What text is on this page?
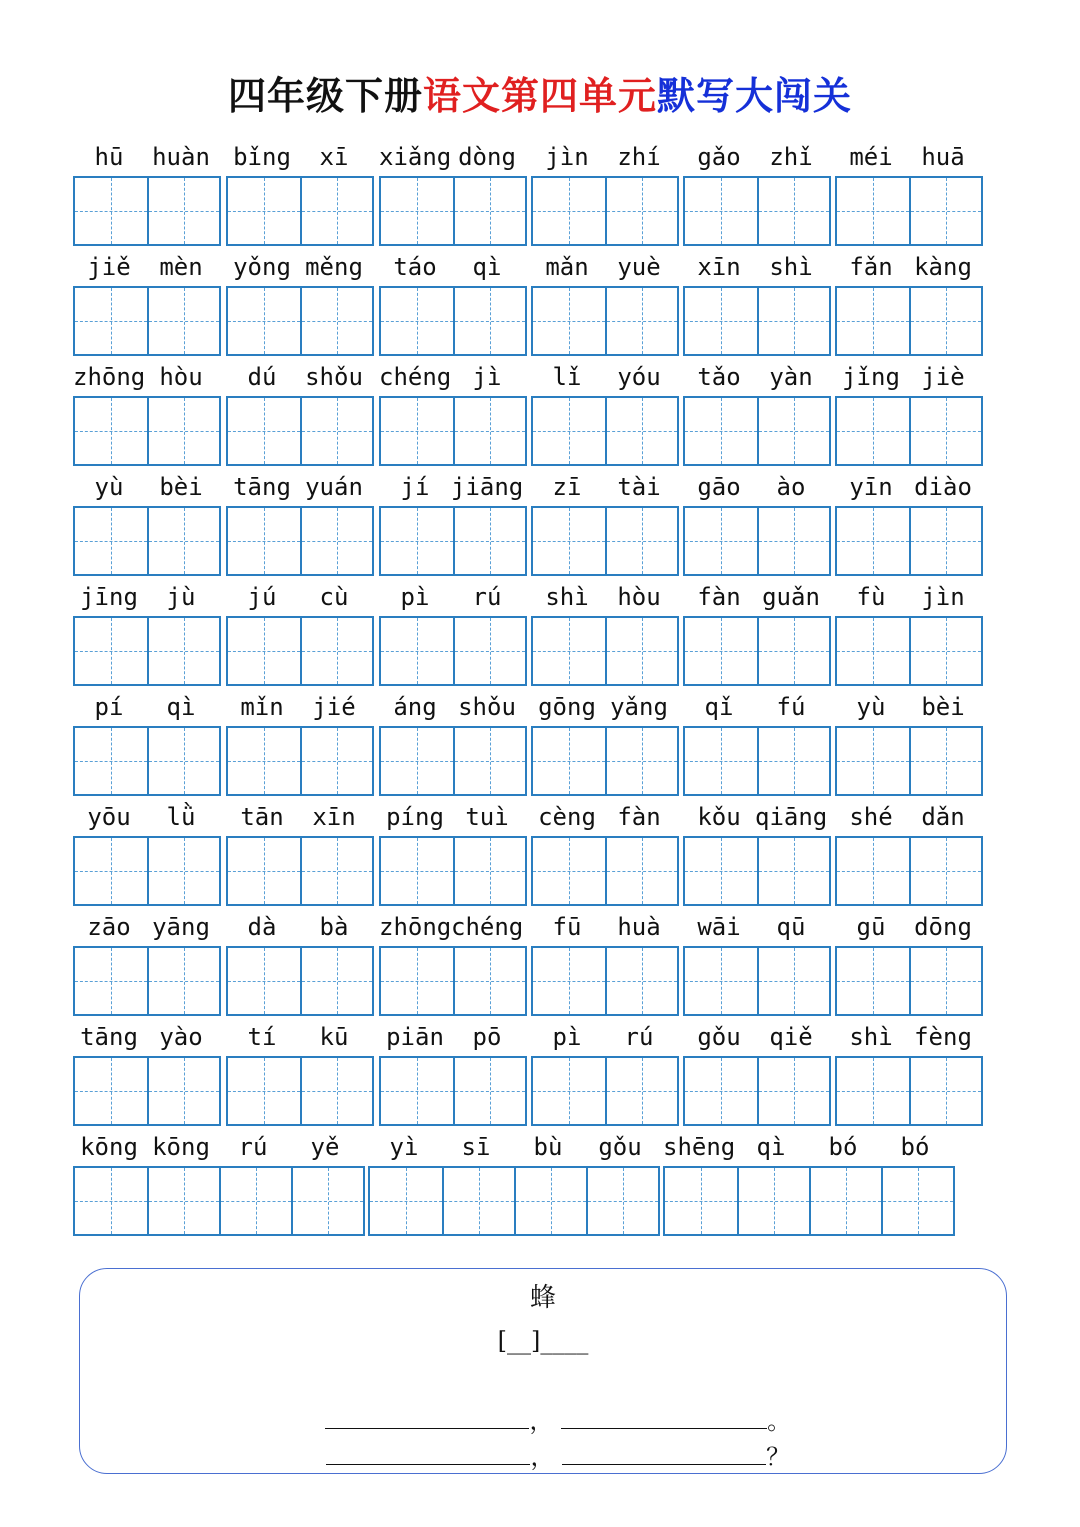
四年级下册语文第四单元默写大闯关
hū	huàn bǐng	xī	xiǎng dòng	jìn	zhí	gǎo	zhǐ	méi	huā
jiě	mèn	yǒng měng	táo	qì	mǎn	yuè	xīn	shì	fǎn kàng
zhōng hòu	dú	shǒu chéng jì	lǐ	yóu	tǎo	yàn	jǐng jiè
yù	bèi	tāng yuán	jí jiāng	zī	tài	gāo	ào	yīn diào
jīng	jù	jú	cù	pì	rú	shì	hòu	fàn guǎn	fù	jìn
pí	qì	mǐn	jié	áng shǒu gōng yǎng	qǐ	fú	yù	bèi
yōu	lǜ	tān	xīn	píng tuì	cèng fàn	kǒu qiāng shé	dǎn
zāo yāng	dà	bà	zhōng chéng	fū	huà	wāi	qū	gū	dōng
tāng yào	tí	kū	piān	pō	pì	rú	gǒu	qiě	shì fèng
kōng kōng	rú	yě	yì	sī	bù	gǒu shēng qì	bó	bó
蜂
[__]____

，	。

，	？
